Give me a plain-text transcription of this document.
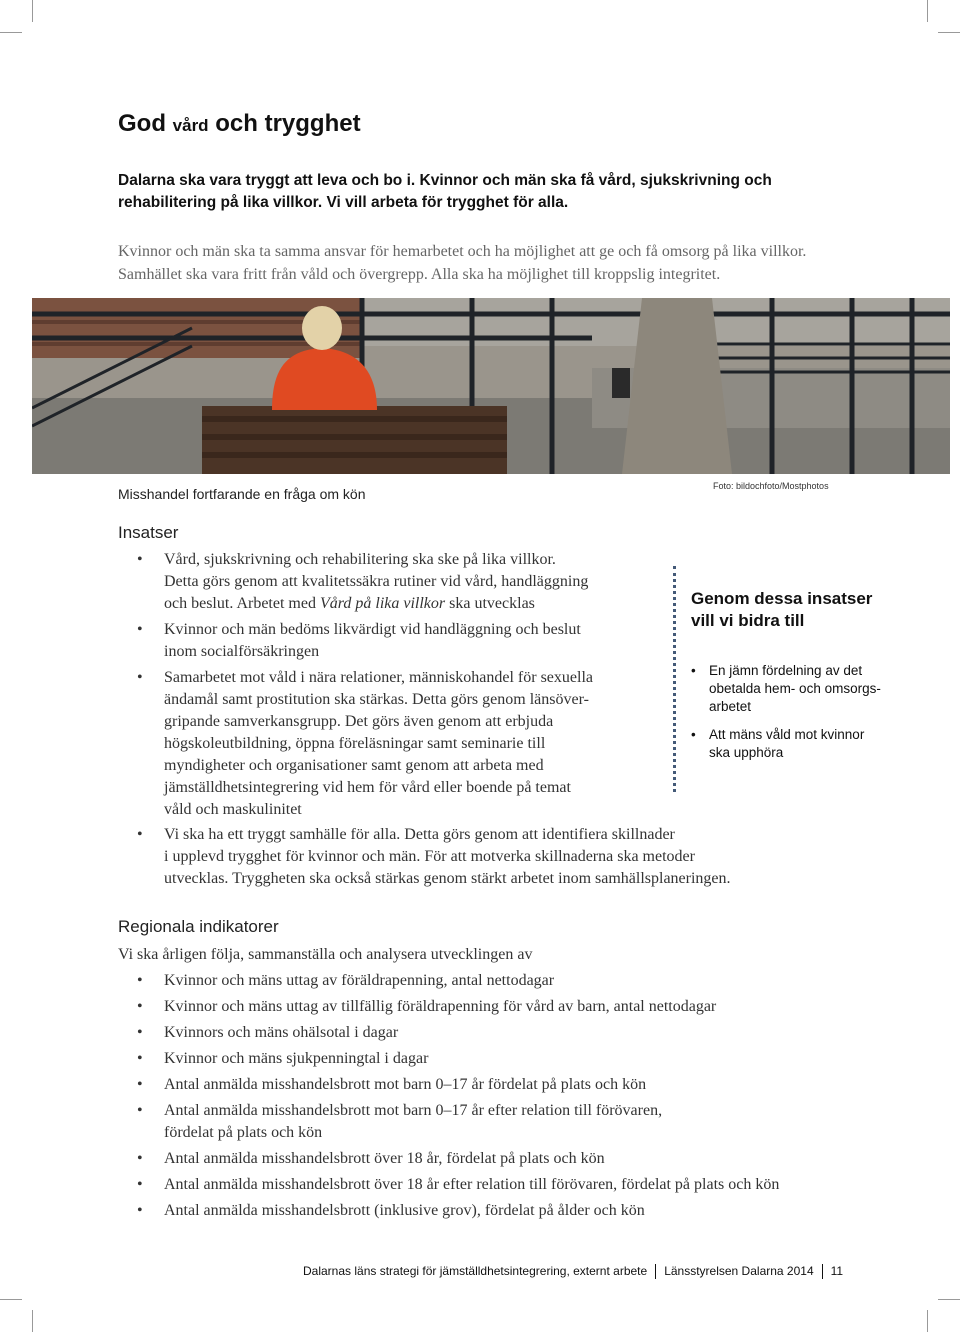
God vård och trygghet

Dalarna ska vara tryggt att leva och bo i. Kvinnor och män ska få vård, sjukskrivning och rehabilitering på lika villkor. Vi vill arbeta för trygghet för alla.

Kvinnor och män ska ta samma ansvar för hemarbetet och ha möjlighet att ge och få omsorg på lika villkor. Samhället ska vara fritt från våld och övergrepp. Alla ska ha möjlighet till kroppslig integritet.

Misshandel fortfarande en fråga om kön	Foto: bildochfoto/Mostphotos

Insatser
• Vård, sjukskrivning och rehabilitering ska ske på lika villkor.
Detta görs genom att kvalitetssäkra rutiner vid vård, handläggning
och beslut. Arbetet med Vård på lika villkor ska utvecklas
• Kvinnor och män bedöms likvärdigt vid handläggning och beslut
inom socialförsäkringen
• Samarbetet mot våld i nära relationer, människohandel för sexuella
ändamål samt prostitution ska stärkas. Detta görs genom länsöver-
gripande samverkansgrupp. Det görs även genom att erbjuda
högskoleutbildning, öppna föreläsningar samt seminarie till
myndigheter och organisationer samt genom att arbeta med
jämställdhetsintegrering vid hem för vård eller boende på temat
våld och maskulinitet
• Vi ska ha ett tryggt samhälle för alla. Detta görs genom att identifiera skillnader
i upplevd trygghet för kvinnor och män. För att motverka skillnaderna ska metoder
utvecklas. Tryggheten ska också stärkas genom stärkt arbetet inom samhällsplaneringen.
Genom dessa insatser
vill vi bidra till
• En jämn fördelning av det
obetalda hem- och omsorgs-
arbetet
• Att mäns våld mot kvinnor
ska upphöra
Regionala indikatorer

Vi ska årligen följa, sammanställa och analysera utvecklingen av

• Kvinnor och mäns uttag av föräldrapenning, antal nettodagar
• Kvinnor och mäns uttag av tillfällig föräldrapenning för vård av barn, antal nettodagar
• Kvinnors och mäns ohälsotal i dagar
• Kvinnor och mäns sjukpenningtal i dagar
• Antal anmälda misshandelsbrott mot barn 0–17 år fördelat på plats och kön
• Antal anmälda misshandelsbrott mot barn 0–17 år efter relation till förövaren,
fördelat på plats och kön
• Antal anmälda misshandelsbrott över 18 år, fördelat på plats och kön
• Antal anmälda misshandelsbrott över 18 år efter relation till förövaren, fördelat på plats och kön
• Antal anmälda misshandelsbrott (inklusive grov), fördelat på ålder och kön

Dalarnas läns strategi för jämställdhetsintegrering, externt arbete Länsstyrelsen Dalarna 2014 11
